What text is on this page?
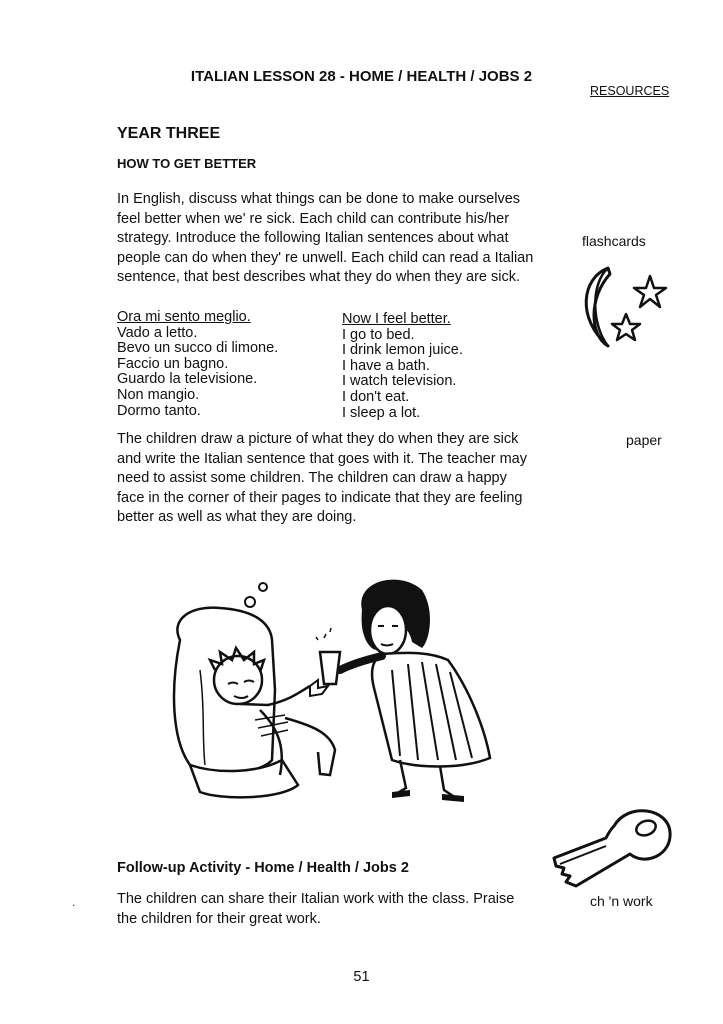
ITALIAN LESSON 28 - HOME / HEALTH / JOBS 2
RESOURCES
YEAR THREE
HOW TO GET BETTER
In English, discuss what things can be done to make ourselves feel better when we' re sick. Each child can contribute his/her strategy. Introduce the following Italian sentences about what people can do when they' re unwell. Each child can read a Italian sentence, that best describes what they do when they are sick.
Ora mi sento meglio.
Vado a letto.
Bevo un succo di limone.
Faccio un bagno.
Guardo la televisione.
Non mangio.
Dormo tanto.
Now I feel better.
I go to bed.
I drink lemon juice.
I have a bath.
I watch television.
I don't eat.
I sleep a lot.
The children draw a picture of what they do when they are sick and write the Italian sentence that goes with it. The teacher may need to assist some children. The children can draw a happy face in the corner of their pages to indicate that they are feeling better as well as what they are doing.
flashcards
paper
ch 'n work
Follow-up Activity - Home / Health / Jobs 2
The children can share their Italian work with the class. Praise the children for their great work.
.
51
